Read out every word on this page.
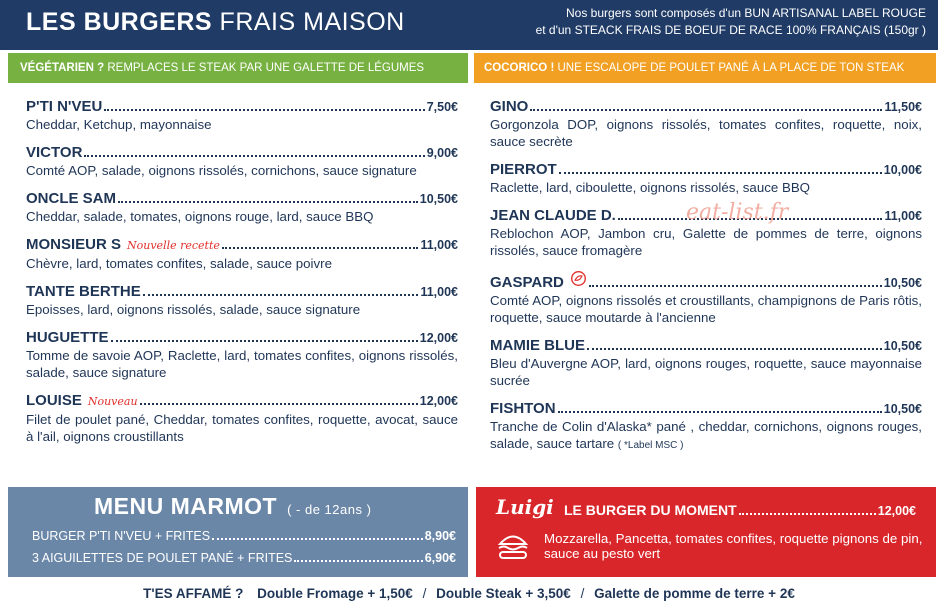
LES BURGERS FRAIS MAISON	Nos burgers sont composés d'un BUN ARTISANAL LABEL ROUGE
et d'un STEACK FRAIS DE BOEUF DE RACE 100% FRANÇAIS (150gr )
VÉGÉTARIEN ? REMPLACES LE STEAK PAR UNE GALETTE DE LÉGUMES	COCORICO ! UNE ESCALOPE DE POULET PANÉ À LA PLACE DE TON STEAK
P'TI N'VEU	7,50€
Cheddar, Ketchup, mayonnaise
VICTOR	9,00€
Comté AOP, salade, oignons rissolés, cornichons, sauce signature
ONCLE SAM	10,50€
Cheddar, salade, tomates, oignons rouge, lard, sauce BBQ
MONSIEUR S Nouvelle recette	11,00€
Chèvre, lard, tomates confites, salade, sauce poivre
TANTE BERTHE	11,00€
Epoisses, lard, oignons rissolés, salade, sauce signature
HUGUETTE	12,00€
Tomme de savoie AOP, Raclette, lard, tomates confites, oignons rissolés, salade, sauce signature
LOUISE Nouveau	12,00€
Filet de poulet pané, Cheddar, tomates confites, roquette, avocat, sauce à l'ail, oignons croustillants
GINO	11,50€
Gorgonzola DOP, oignons rissolés, tomates confites, roquette, noix, sauce secrète
PIERROT	10,00€
Raclette, lard, ciboulette, oignons rissolés, sauce BBQ
JEAN CLAUDE D.	11,00€
Reblochon AOP, Jambon cru, Galette de pommes de terre, oignons rissolés, sauce fromagère
GASPARD	10,50€
Comté AOP, oignons rissolés et croustillants, champignons de Paris rôtis, roquette, sauce moutarde à l'ancienne
MAMIE BLUE	10,50€
Bleu d'Auvergne AOP, lard, oignons rouges, roquette, sauce mayonnaise sucrée
FISHTON	10,50€
Tranche de Colin d'Alaska* pané , cheddar, cornichons, oignons rouges, salade, sauce tartare ( *Label MSC )
eat-list.fr
MENU MARMOT ( - de 12ans )
BURGER P'TI N'VEU + FRITES	8,90€
3 AIGUILETTES DE POULET PANÉ + FRITES	6,90€
Luigi LE BURGER DU MOMENT	12,00€
Mozzarella, Pancetta, tomates confites, roquette pignons de pin, sauce au pesto vert
T'ES AFFAMÉ ? Double Fromage + 1,50€ / Double Steak + 3,50€ / Galette de pomme de terre + 2€
